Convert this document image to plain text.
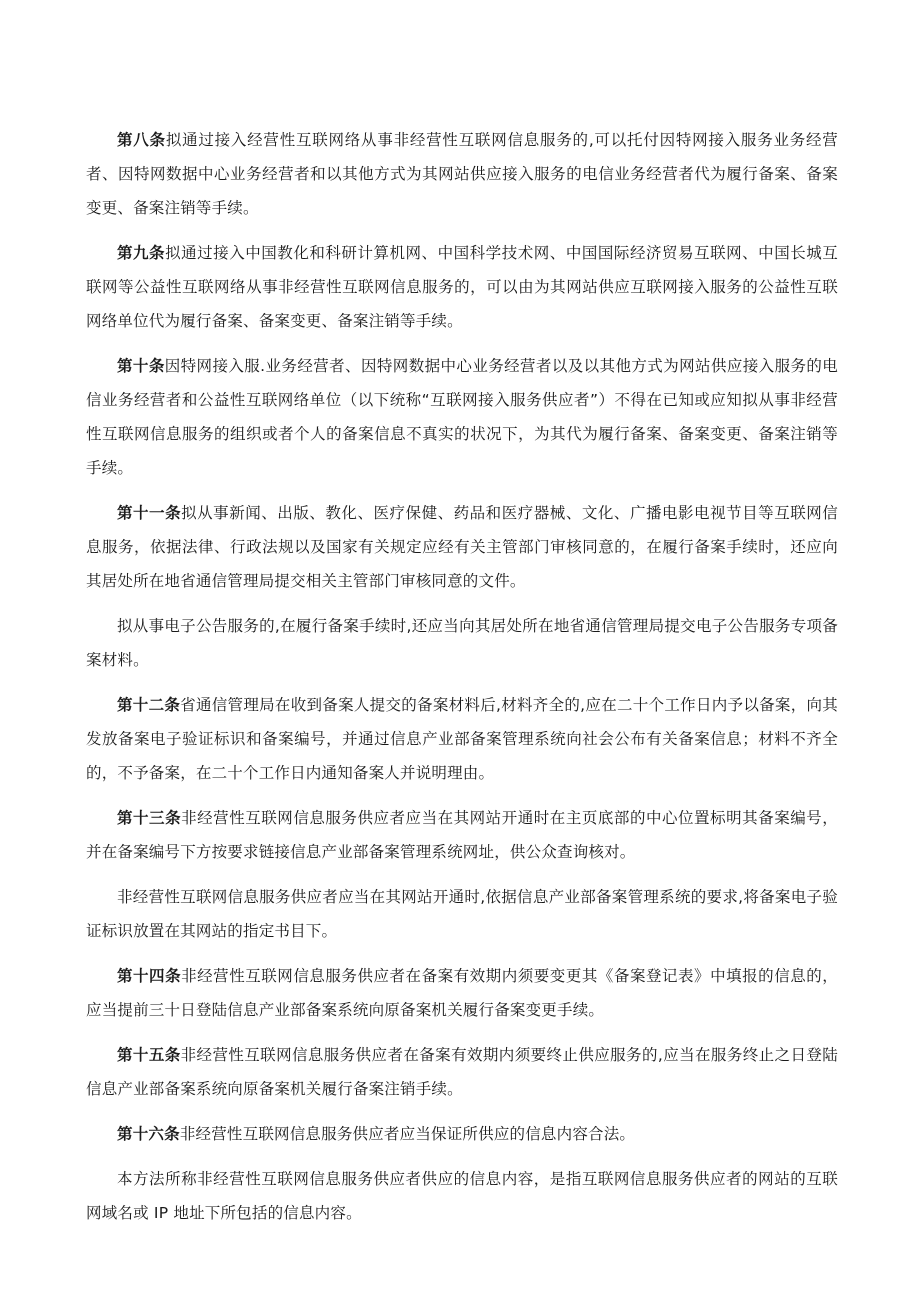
第八条拟通过接入经营性互联网络从事非经营性互联网信息服务的,可以托付因特网接入服务业务经营者、因特网数据中心业务经营者和以其他方式为其网站供应接入服务的电信业务经营者代为履行备案、备案变更、备案注销等手续。

第九条拟通过接入中国教化和科研计算机网、中国科学技术网、中国国际经济贸易互联网、中国长城互联网等公益性互联网络从事非经营性互联网信息服务的，可以由为其网站供应互联网接入服务的公益性互联网络单位代为履行备案、备案变更、备案注销等手续。

第十条因特网接入服.业务经营者、因特网数据中心业务经营者以及以其他方式为网站供应接入服务的电信业务经营者和公益性互联网络单位（以下统称“互联网接入服务供应者”）不得在已知或应知拟从事非经营性互联网信息服务的组织或者个人的备案信息不真实的状况下，为其代为履行备案、备案变更、备案注销等手续。

第十一条拟从事新闻、出版、教化、医疗保健、药品和医疗器械、文化、广播电影电视节目等互联网信息服务，依据法律、行政法规以及国家有关规定应经有关主管部门审核同意的，在履行备案手续时，还应向其居处所在地省通信管理局提交相关主管部门审核同意的文件。

拟从事电子公告服务的,在履行备案手续时,还应当向其居处所在地省通信管理局提交电子公告服务专项备案材料。

第十二条省通信管理局在收到备案人提交的备案材料后,材料齐全的,应在二十个工作日内予以备案，向其发放备案电子验证标识和备案编号，并通过信息产业部备案管理系统向社会公布有关备案信息；材料不齐全的，不予备案，在二十个工作日内通知备案人并说明理由。

第十三条非经营性互联网信息服务供应者应当在其网站开通时在主页底部的中心位置标明其备案编号，并在备案编号下方按要求链接信息产业部备案管理系统网址，供公众查询核对。

非经营性互联网信息服务供应者应当在其网站开通时,依据信息产业部备案管理系统的要求,将备案电子验证标识放置在其网站的指定书目下。

第十四条非经营性互联网信息服务供应者在备案有效期内须要变更其《备案登记表》中填报的信息的，应当提前三十日登陆信息产业部备案系统向原备案机关履行备案变更手续。

第十五条非经营性互联网信息服务供应者在备案有效期内须要终止供应服务的,应当在服务终止之日登陆信息产业部备案系统向原备案机关履行备案注销手续。

第十六条非经营性互联网信息服务供应者应当保证所供应的信息内容合法。

本方法所称非经营性互联网信息服务供应者供应的信息内容，是指互联网信息服务供应者的网站的互联网域名或 IP 地址下所包括的信息内容。
